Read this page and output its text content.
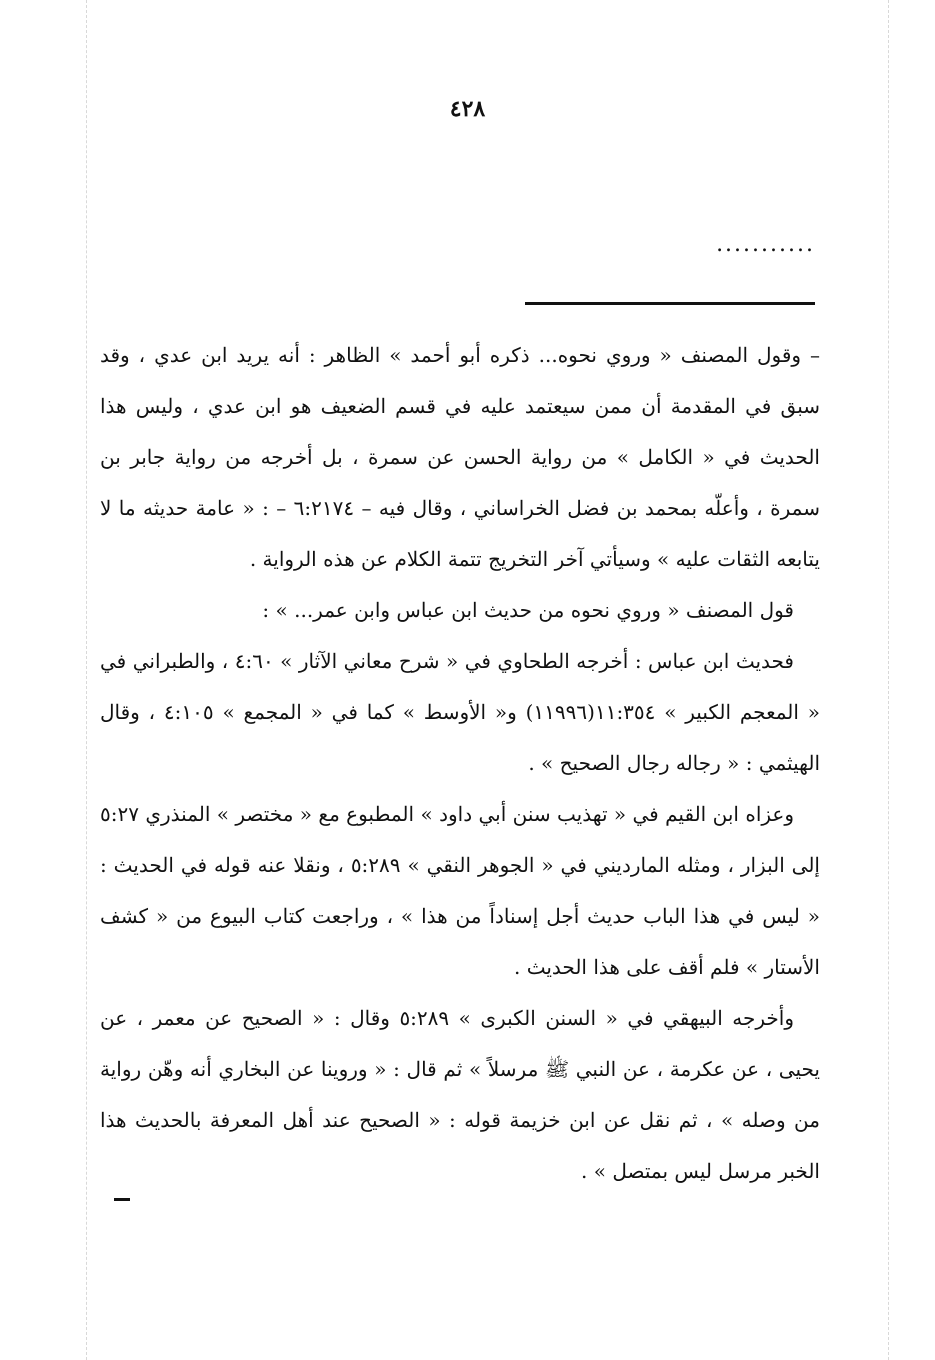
٤٢٨
...........

– وقول المصنف « وروي نحوه... ذكره أبو أحمد » الظاهر : أنه يريد ابن عدي ، وقد سبق في المقدمة أن ممن سيعتمد عليه في قسم الضعيف هو ابن عدي ، وليس هذا الحديث في « الكامل » من رواية الحسن عن سمرة ، بل أخرجه من رواية جابر بن سمرة ، وأعلّه بمحمد بن فضل الخراساني ، وقال فيه – ٦:٢١٧٤ – : « عامة حديثه ما لا يتابعه الثقات عليه » وسيأتي آخر التخريج تتمة الكلام عن هذه الرواية .

قول المصنف « وروي نحوه من حديث ابن عباس وابن عمر... » :

فحديث ابن عباس : أخرجه الطحاوي في « شرح معاني الآثار » ٤:٦٠ ، والطبراني في « المعجم الكبير » ١١:٣٥٤(١١٩٩٦) و« الأوسط » كما في « المجمع » ٤:١٠٥ ، وقال الهيثمي : « رجاله رجال الصحيح » .

وعزاه ابن القيم في « تهذيب سنن أبي داود » المطبوع مع « مختصر » المنذري ٥:٢٧ إلى البزار ، ومثله المارديني في « الجوهر النقي » ٥:٢٨٩ ، ونقلا عنه قوله في الحديث : « ليس في هذا الباب حديث أجل إسناداً من هذا » ، وراجعت كتاب البيوع من « كشف الأستار » فلم أقف على هذا الحديث .

وأخرجه البيهقي في « السنن الكبرى » ٥:٢٨٩ وقال : « الصحيح عن معمر ، عن يحيى ، عن عكرمة ، عن النبي ﷺ مرسلاً » ثم قال : « وروينا عن البخاري أنه وهّن رواية من وصله » ، ثم نقل عن ابن خزيمة قوله : « الصحيح عند أهل المعرفة بالحديث هذا الخبر مرسل ليس بمتصل » .
